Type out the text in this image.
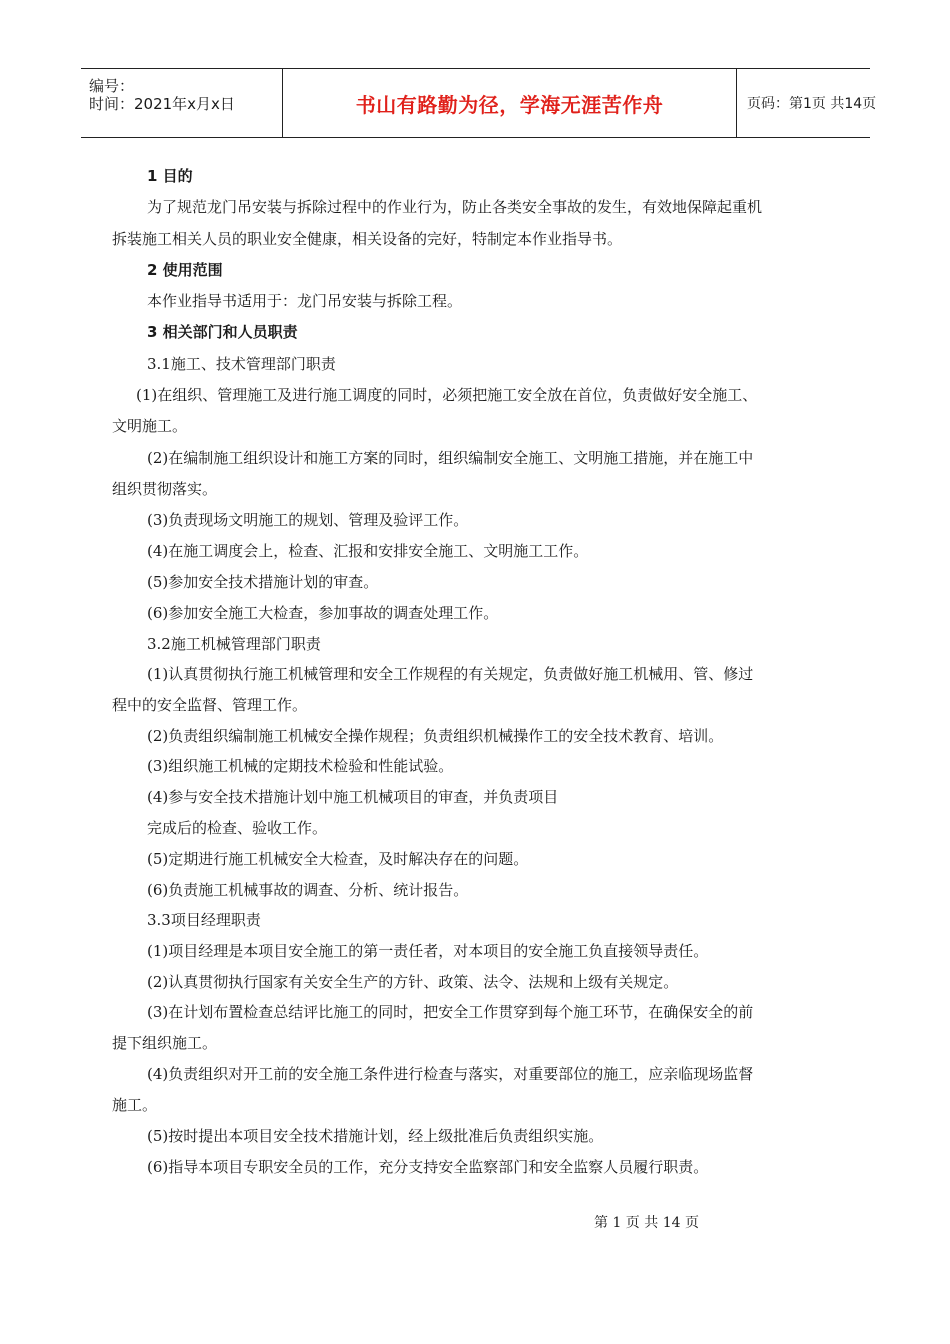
编号：
时间：2021年x月x日	书山有路勤为径，学海无涯苦作舟	页码：第1页 共14页
1 目的
为了规范龙门吊安装与拆除过程中的作业行为，防止各类安全事故的发生，有效地保障起重机
拆装施工相关人员的职业安全健康，相关设备的完好，特制定本作业指导书。
2 使用范围
本作业指导书适用于：龙门吊安装与拆除工程。
3 相关部门和人员职责
3.1施工、技术管理部门职责
(1)在组织、管理施工及进行施工调度的同时，必须把施工安全放在首位，负责做好安全施工、
文明施工。
(2)在编制施工组织设计和施工方案的同时，组织编制安全施工、文明施工措施，并在施工中
组织贯彻落实。
(3)负责现场文明施工的规划、管理及验评工作。
(4)在施工调度会上，检查、汇报和安排安全施工、文明施工工作。
(5)参加安全技术措施计划的审查。
(6)参加安全施工大检查，参加事故的调查处理工作。
3.2施工机械管理部门职责
(1)认真贯彻执行施工机械管理和安全工作规程的有关规定，负责做好施工机械用、管、修过
程中的安全监督、管理工作。
(2)负责组织编制施工机械安全操作规程；负责组织机械操作工的安全技术教育、培训。
(3)组织施工机械的定期技术检验和性能试验。
(4)参与安全技术措施计划中施工机械项目的审查，并负责项目
完成后的检查、验收工作。
(5)定期进行施工机械安全大检查，及时解决存在的问题。
(6)负责施工机械事故的调查、分析、统计报告。
3.3项目经理职责
(1)项目经理是本项目安全施工的第一责任者，对本项目的安全施工负直接领导责任。
(2)认真贯彻执行国家有关安全生产的方针、政策、法令、法规和上级有关规定。
(3)在计划布置检查总结评比施工的同时，把安全工作贯穿到每个施工环节，在确保安全的前
提下组织施工。
(4)负责组织对开工前的安全施工条件进行检查与落实，对重要部位的施工，应亲临现场监督
施工。
(5)按时提出本项目安全技术措施计划，经上级批准后负责组织实施。
(6)指导本项目专职安全员的工作，充分支持安全监察部门和安全监察人员履行职责。
第 1 页 共 14 页
